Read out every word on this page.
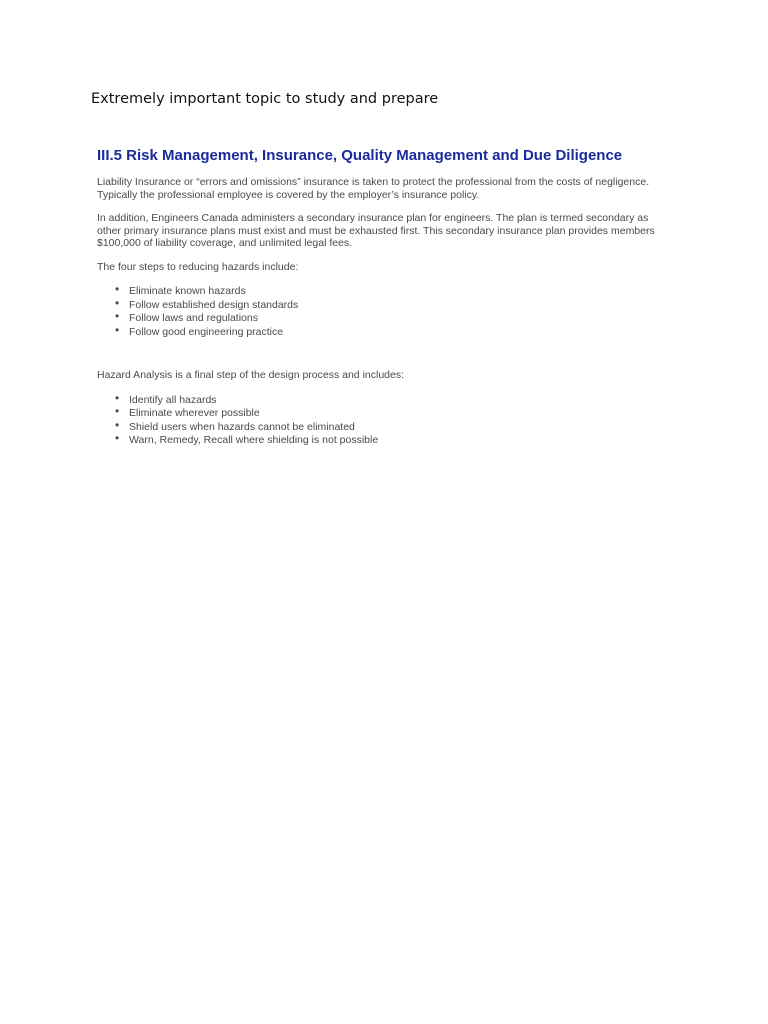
Extremely important topic to study and prepare
III.5 Risk Management, Insurance, Quality Management and Due Diligence
Liability Insurance or “errors and omissions” insurance is taken to protect the professional from the costs of negligence.
Typically the professional employee is covered by the employer’s insurance policy.
In addition, Engineers Canada administers a secondary insurance plan for engineers. The plan is termed secondary as
other primary insurance plans must exist and must be exhausted first. This secondary insurance plan provides members
$100,000 of liability coverage, and unlimited legal fees.
The four steps to reducing hazards include:
• Eliminate known hazards
• Follow established design standards
• Follow laws and regulations
• Follow good engineering practice
Hazard Analysis is a final step of the design process and includes:
• Identify all hazards
• Eliminate wherever possible
• Shield users when hazards cannot be eliminated
• Warn, Remedy, Recall where shielding is not possible
